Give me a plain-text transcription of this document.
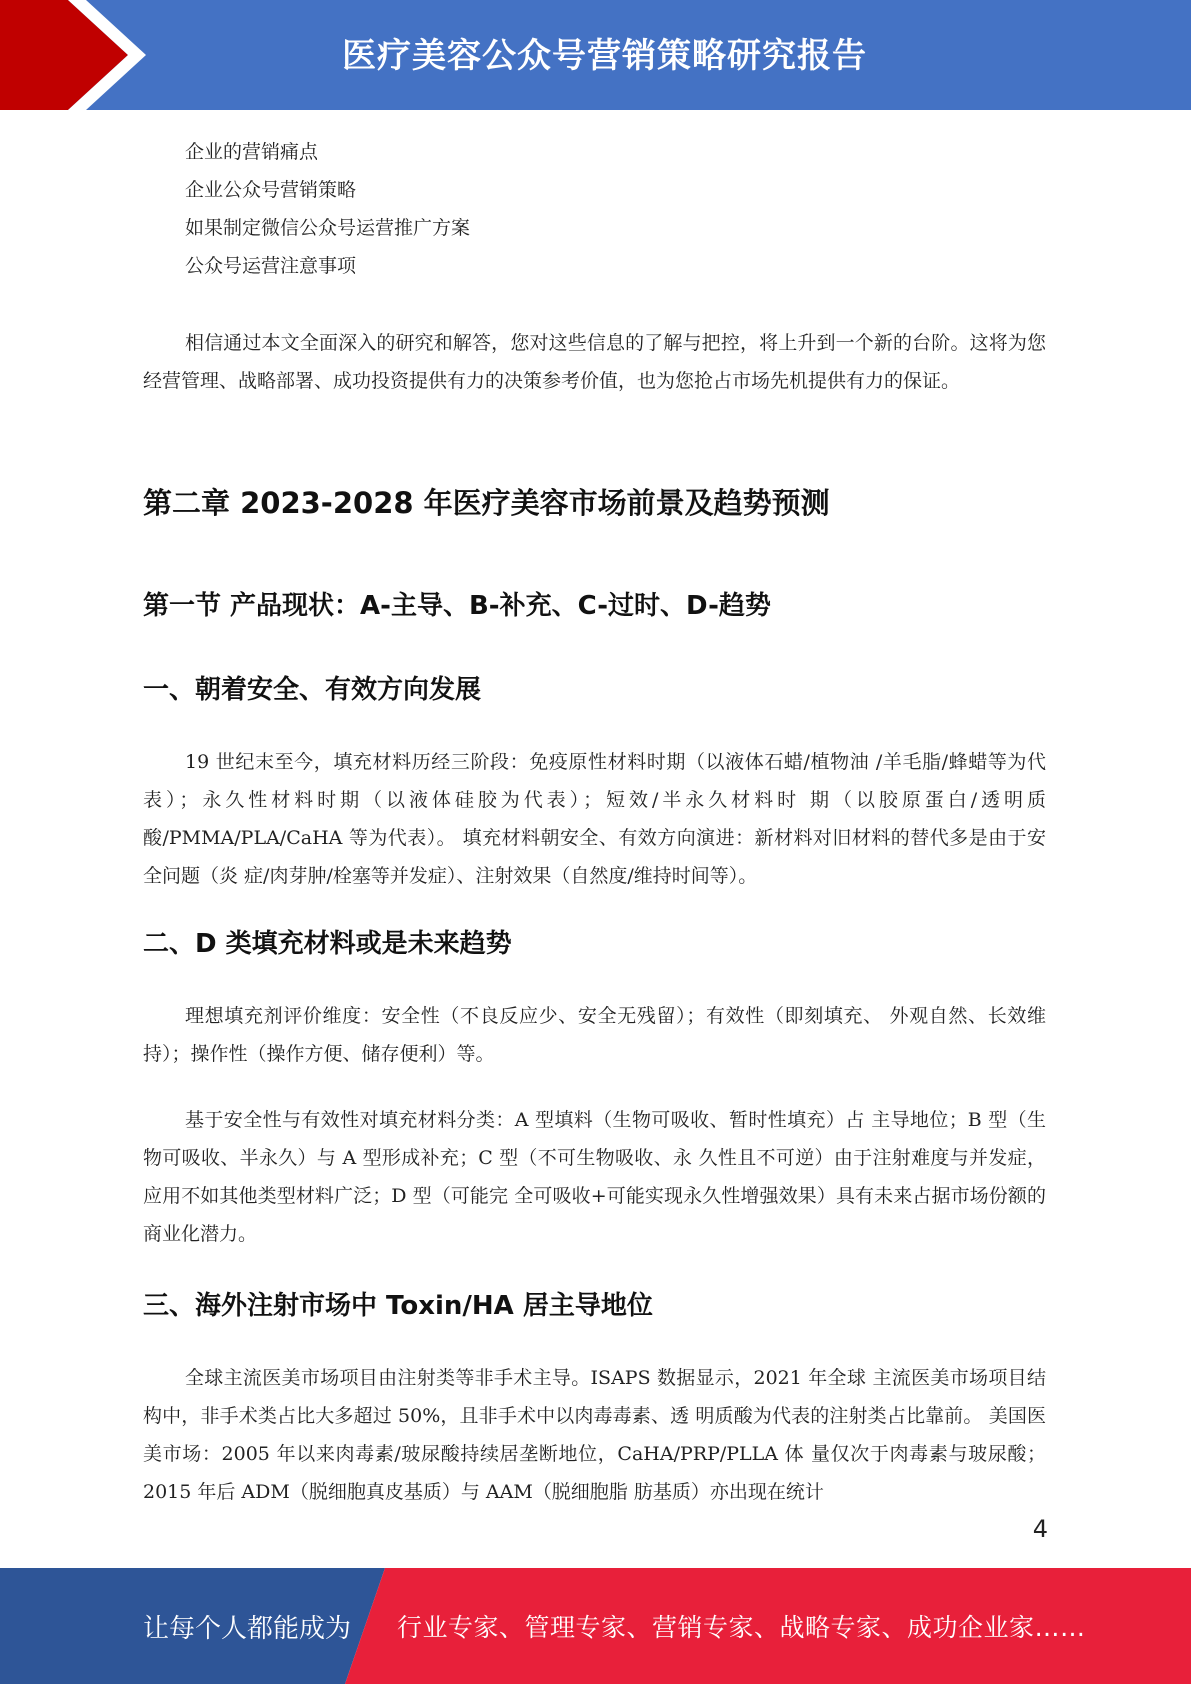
医疗美容公众号营销策略研究报告
企业的营销痛点
企业公众号营销策略
如果制定微信公众号运营推广方案
公众号运营注意事项

相信通过本文全面深入的研究和解答，您对这些信息的了解与把控，将上升到一个新的台阶。这将为您经营管理、战略部署、成功投资提供有力的决策参考价值，也为您抢占市场先机提供有力的保证。

第二章 2023-2028 年医疗美容市场前景及趋势预测
第一节 产品现状：A-主导、B-补充、C-过时、D-趋势
一、朝着安全、有效方向发展

19 世纪末至今，填充材料历经三阶段：免疫原性材料时期（以液体石蜡/植物油 /羊毛脂/蜂蜡等为代表）；永久性材料时期（以液体硅胶为代表）；短效/半永久材料时 期（以胶原蛋白/透明质酸/PMMA/PLA/CaHA 等为代表）。 填充材料朝安全、有效方向演进：新材料对旧材料的替代多是由于安全问题（炎 症/肉芽肿/栓塞等并发症）、注射效果（自然度/维持时间等）。

二、D 类填充材料或是未来趋势

理想填充剂评价维度：安全性（不良反应少、安全无残留）；有效性（即刻填充、 外观自然、长效维持）；操作性（操作方便、储存便利）等。

基于安全性与有效性对填充材料分类：A 型填料（生物可吸收、暂时性填充）占 主导地位；B 型（生物可吸收、半永久）与 A 型形成补充；C 型（不可生物吸收、永 久性且不可逆）由于注射难度与并发症，应用不如其他类型材料广泛；D 型（可能完 全可吸收+可能实现永久性增强效果）具有未来占据市场份额的商业化潜力。

三、海外注射市场中 Toxin/HA 居主导地位

全球主流医美市场项目由注射类等非手术主导。ISAPS 数据显示，2021 年全球 主流医美市场项目结构中，非手术类占比大多超过 50%，且非手术中以肉毒毒素、透 明质酸为代表的注射类占比靠前。 美国医美市场：2005 年以来肉毒素/玻尿酸持续居垄断地位，CaHA/PRP/PLLA 体 量仅次于肉毒素与玻尿酸；2015 年后 ADM（脱细胞真皮基质）与 AAM（脱细胞脂 肪基质）亦出现在统计

4
让每个人都能成为 行业专家、管理专家、营销专家、战略专家、成功企业家……
